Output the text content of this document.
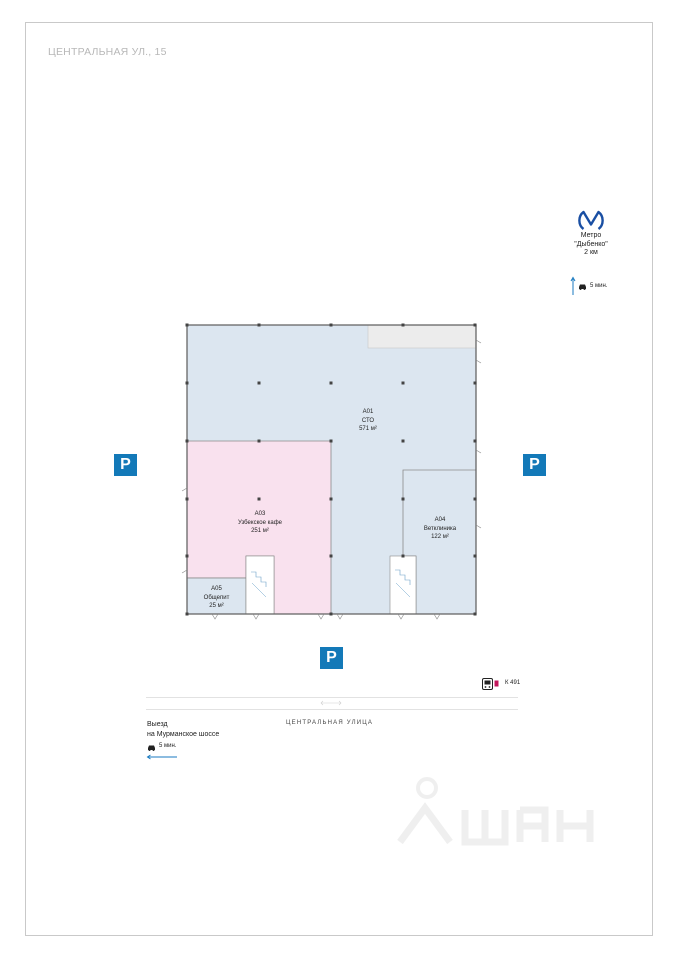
ЦЕНТРАЛЬНАЯ УЛ., 15
Метро
"Дыбенко"
2 км
5 мин.
P	P
P
A01
СТО
571 м²
A03
Узбекское кафе
251 м²
A04
Ветклиника
122 м²
A05
Общепит
25 м²
К 491
ЦЕНТРАЛЬНАЯ УЛИЦА
Выезд
на Мурманское шоссе
5 мин.
